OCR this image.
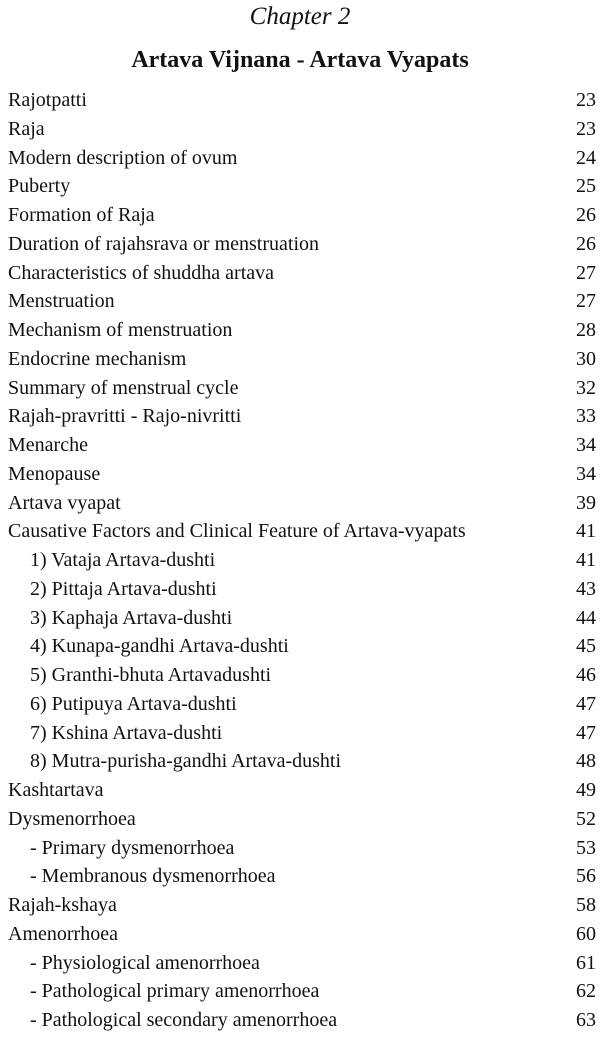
Chapter 2
Artava Vijnana - Artava Vyapats
Rajotpatti	23
Raja	23
Modern description of ovum	24
Puberty	25
Formation of Raja	26
Duration of rajahsrava or menstruation	26
Characteristics of shuddha artava	27
Menstruation	27
Mechanism of menstruation	28
Endocrine mechanism	30
Summary of menstrual cycle	32
Rajah-pravritti - Rajo-nivritti	33
Menarche	34
Menopause	34
Artava vyapat	39
Causative Factors and Clinical Feature of Artava-vyapats	41
1) Vataja Artava-dushti	41
2) Pittaja Artava-dushti	43
3) Kaphaja Artava-dushti	44
4) Kunapa-gandhi Artava-dushti	45
5) Granthi-bhuta Artavadushti	46
6) Putipuya Artava-dushti	47
7) Kshina Artava-dushti	47
8) Mutra-purisha-gandhi Artava-dushti	48
Kashtartava	49
Dysmenorrhoea	52
- Primary dysmenorrhoea	53
- Membranous dysmenorrhoea	56
Rajah-kshaya	58
Amenorrhoea	60
- Physiological amenorrhoea	61
- Pathological primary amenorrhoea	62
- Pathological secondary amenorrhoea	63
